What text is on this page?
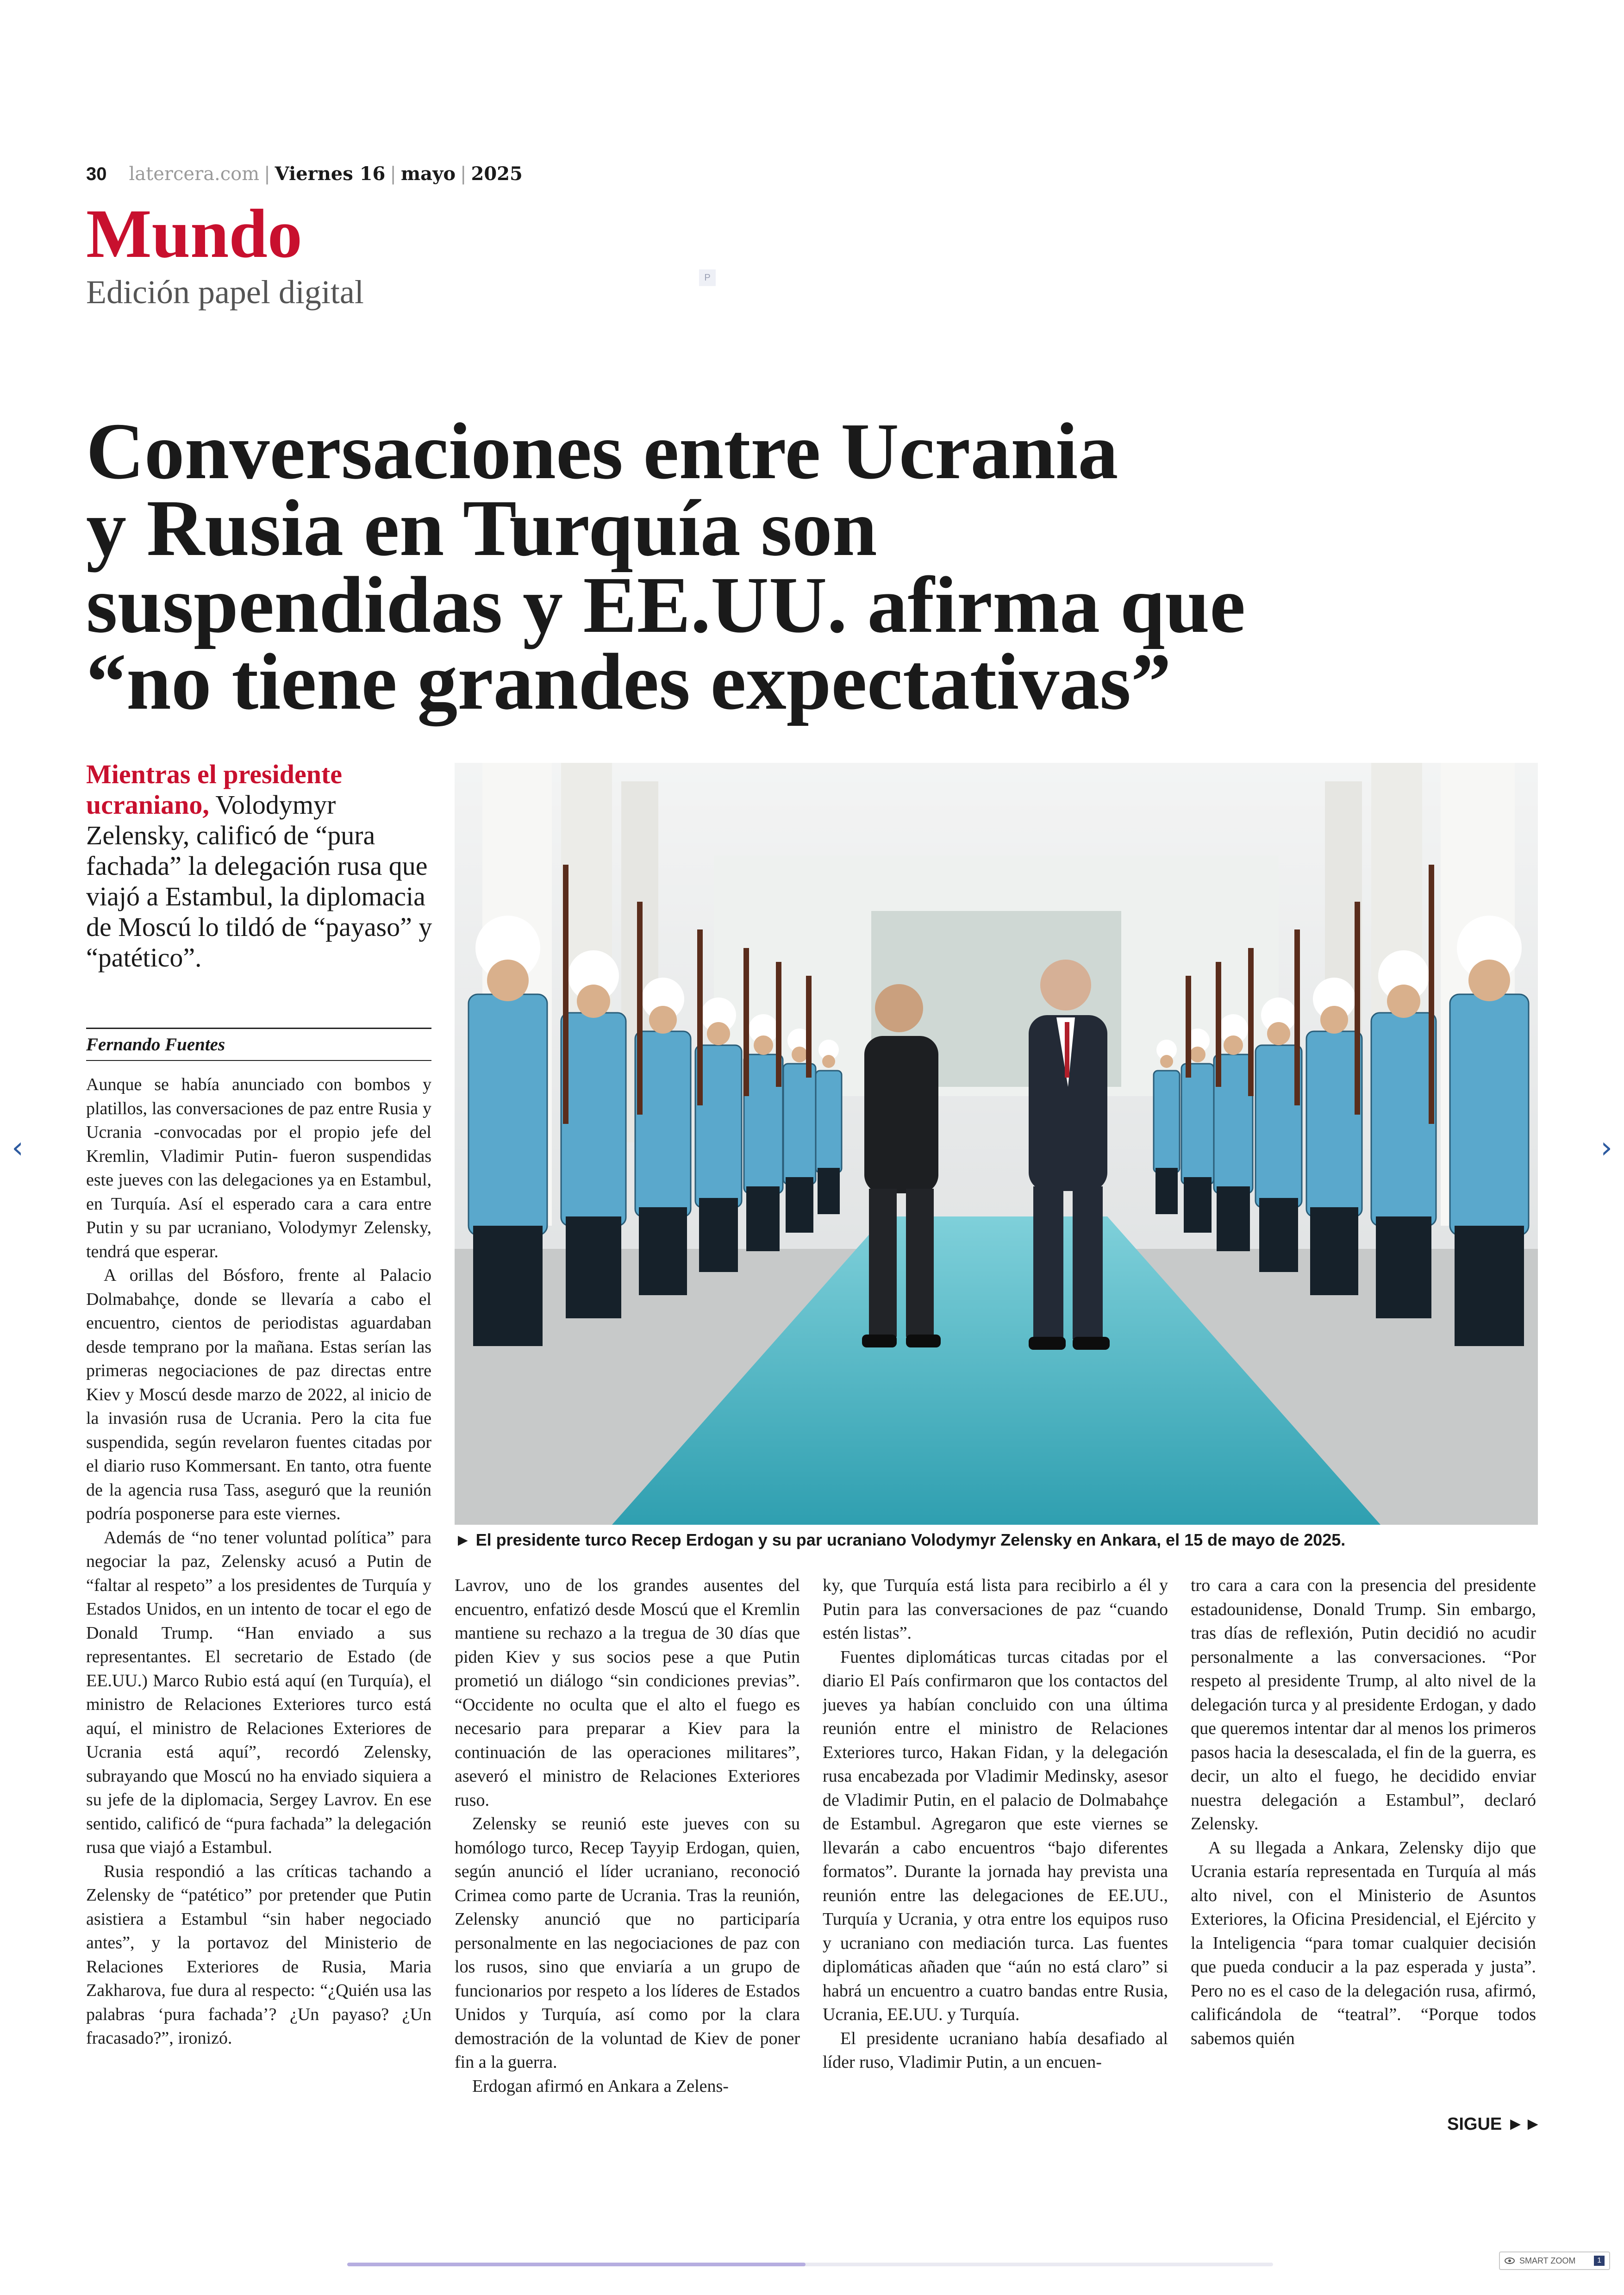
30 latercera.com | Viernes 16 | mayo | 2025
Mundo
Edición papel digital	P
Conversaciones entre Ucrania
y Rusia en Turquía son
suspendidas y EE.UU. afirma que
“no tiene grandes expectativas”
Mientras el presidente ucraniano, Volodymyr Zelensky, calificó de “pura fachada” la delegación rusa que viajó a Estambul, la diplomacia de Moscú lo tildó de “payaso” y “patético”.
Fernando Fuentes

Aunque se había anunciado con bombos y platillos, las conversaciones de paz entre Rusia y Ucrania -convocadas por el propio jefe del Kremlin, Vladimir Putin- fueron suspendidas este jueves con las delegaciones ya en Estambul, en Turquía. Así el esperado cara a cara entre Putin y su par ucraniano, Volodymyr Zelensky, tendrá que esperar.

A orillas del Bósforo, frente al Palacio Dolmabahçe, donde se llevaría a cabo el encuentro, cientos de periodistas aguardaban desde temprano por la mañana. Estas serían las primeras negociaciones de paz directas entre Kiev y Moscú desde marzo de 2022, al inicio de la invasión rusa de Ucrania. Pero la cita fue suspendida, según revelaron fuentes citadas por el diario ruso Kommersant. En tanto, otra fuente de la agencia rusa Tass, aseguró que la reunión podría posponerse para este viernes.

Además de “no tener voluntad política” para negociar la paz, Zelensky acusó a Putin de “faltar al respeto” a los presidentes de Turquía y Estados Unidos, en un intento de tocar el ego de Donald Trump. “Han enviado a sus representantes. El secretario de Estado (de EE.UU.) Marco Rubio está aquí (en Turquía), el ministro de Relaciones Exteriores turco está aquí, el ministro de Relaciones Exteriores de Ucrania está aquí”, recordó Zelensky, subrayando que Moscú no ha enviado siquiera a su jefe de la diplomacia, Sergey Lavrov. En ese sentido, calificó de “pura fachada” la delegación rusa que viajó a Estambul.

Rusia respondió a las críticas tachando a Zelensky de “patético” por pretender que Putin asistiera a Estambul “sin haber negociado antes”, y la portavoz del Ministerio de Relaciones Exteriores de Rusia, Maria Zakharova, fue dura al respecto: “¿Quién usa las palabras ‘pura fachada’? ¿Un payaso? ¿Un fracasado?”, ironizó.

Lavrov, uno de los grandes ausentes del encuentro, enfatizó desde Moscú que el Kremlin mantiene su rechazo a la tregua de 30 días que piden Kiev y sus socios pese a que Putin prometió un diálogo “sin condiciones previas”. “Occidente no oculta que el alto el fuego es necesario para preparar a Kiev para la continuación de las operaciones militares”, aseveró el ministro de Relaciones Exteriores ruso.

Zelensky se reunió este jueves con su homólogo turco, Recep Tayyip Erdogan, quien, según anunció el líder ucraniano, reconoció Crimea como parte de Ucrania. Tras la reunión, Zelensky anunció que no participaría personalmente en las negociaciones de paz con los rusos, sino que enviaría a un grupo de funcionarios por respeto a los líderes de Estados Unidos y Turquía, así como por la clara demostración de la voluntad de Kiev de poner fin a la guerra.

Erdogan afirmó en Ankara a Zelens-

ky, que Turquía está lista para recibirlo a él y Putin para las conversaciones de paz “cuando estén listas”.

Fuentes diplomáticas turcas citadas por el diario El País confirmaron que los contactos del jueves ya habían concluido con una última reunión entre el ministro de Relaciones Exteriores turco, Hakan Fidan, y la delegación rusa encabezada por Vladimir Medinsky, asesor de Vladimir Putin, en el palacio de Dolmabahçe de Estambul. Agregaron que este viernes se llevarán a cabo encuentros “bajo diferentes formatos”. Durante la jornada hay prevista una reunión entre las delegaciones de EE.UU., Turquía y Ucrania, y otra entre los equipos ruso y ucraniano con mediación turca. Las fuentes diplomáticas añaden que “aún no está claro” si habrá un encuentro a cuatro bandas entre Rusia, Ucrania, EE.UU. y Turquía.

El presidente ucraniano había desafiado al líder ruso, Vladimir Putin, a un encuen-

tro cara a cara con la presencia del presidente estadounidense, Donald Trump. Sin embargo, tras días de reflexión, Putin decidió no acudir personalmente a las conversaciones. “Por respeto al presidente Trump, al alto nivel de la delegación turca y al presidente Erdogan, y dado que queremos intentar dar al menos los primeros pasos hacia la desescalada, el fin de la guerra, es decir, un alto el fuego, he decidido enviar nuestra delegación a Estambul”, declaró Zelensky.

A su llegada a Ankara, Zelensky dijo que Ucrania estaría representada en Turquía al más alto nivel, con el Ministerio de Asuntos Exteriores, la Oficina Presidencial, el Ejército y la Inteligencia “para tomar cualquier decisión que pueda conducir a la paz esperada y justa”. Pero no es el caso de la delegación rusa, afirmó, calificándola de “teatral”. “Porque todos sabemos quién

► El presidente turco Recep Erdogan y su par ucraniano Volodymyr Zelensky en Ankara, el 15 de mayo de 2025.
SIGUE ►►
‹	›
SMART ZOOM	1
